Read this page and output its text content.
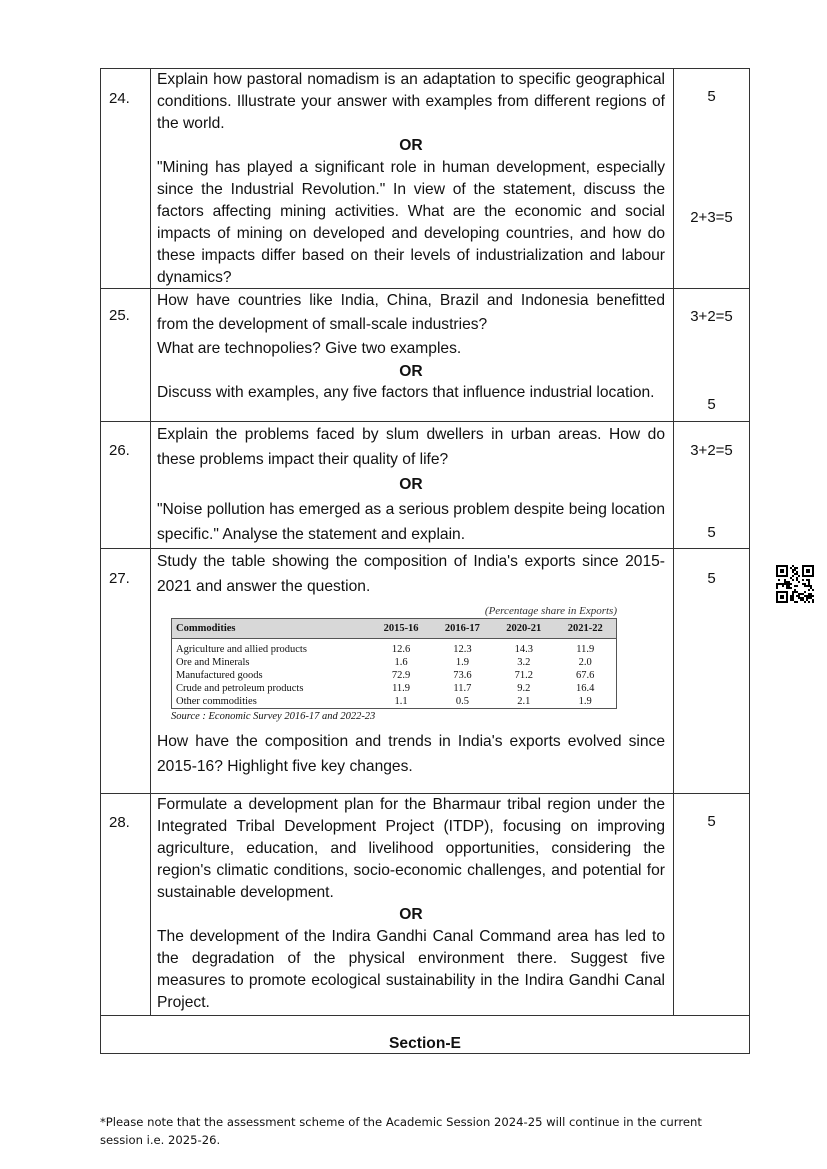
24.

Explain how pastoral nomadism is an adaptation to specific geographical conditions. Illustrate your answer with examples from different regions of the world.

OR

"Mining has played a significant role in human development, especially since the Industrial Revolution." In view of the statement, discuss the factors affecting mining activities. What are the economic and social impacts of mining on developed and developing countries, and how do these impacts differ based on their levels of industrialization and labour dynamics?

5
2+3=5
25.

How have countries like India, China, Brazil and Indonesia benefitted from the development of small-scale industries?

What are technopolies? Give two examples.

OR

Discuss with examples, any five factors that influence industrial location.

3+2=5
5
26.

Explain the problems faced by slum dwellers in urban areas. How do these problems impact their quality of life?

OR

"Noise pollution has emerged as a serious problem despite being location specific." Analyse the statement and explain.

3+2=5
5
27.

Study the table showing the composition of India's exports since 2015-2021 and answer the question.

(Percentage share in Exports)
Commodities	2015-16	2016-17	2020-21	2021-22
Agriculture and allied products	12.6	12.3	14.3	11.9
Ore and Minerals	1.6	1.9	3.2	2.0
Manufactured goods	72.9	73.6	71.2	67.6
Crude and petroleum products	11.9	11.7	9.2	16.4
Other commodities	1.1	0.5	2.1	1.9
Source : Economic Survey 2016-17 and 2022-23

How have the composition and trends in India's exports evolved since 2015-16? Highlight five key changes.

5
28.

Formulate a development plan for the Bharmaur tribal region under the Integrated Tribal Development Project (ITDP), focusing on improving agriculture, education, and livelihood opportunities, considering the region's climatic conditions, socio-economic challenges, and potential for sustainable development.

OR

The development of the Indira Gandhi Canal Command area has led to the degradation of the physical environment there. Suggest five measures to promote ecological sustainability in the Indira Gandhi Canal Project.

5
Section-E
*Please note that the assessment scheme of the Academic Session 2024-25 will continue in the current session i.e. 2025-26.
